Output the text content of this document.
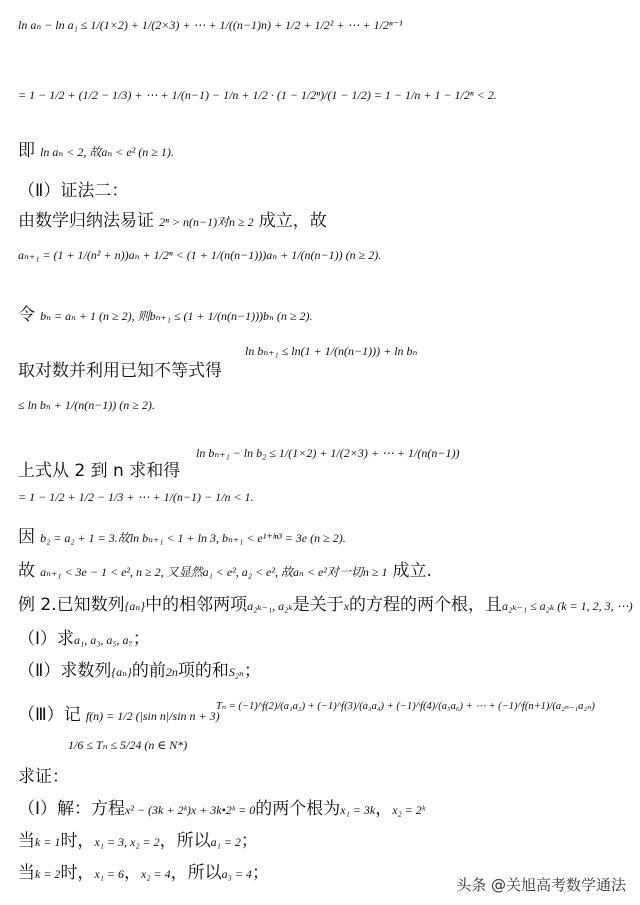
ln aₙ − ln a₁ ≤ 1/(1×2) + 1/(2×3) + ⋯ + 1/((n−1)n) + 1/2 + 1/2² + ⋯ + 1/2ⁿ⁻¹
= 1 − 1/2 + (1/2 − 1/3) + ⋯ + 1/(n−1) − 1/n + 1/2 · (1 − 1/2ⁿ)/(1 − 1/2) = 1 − 1/n + 1 − 1/2ⁿ < 2.
即 ln aₙ < 2, 故aₙ < e² (n ≥ 1).
（Ⅱ）证法二：
由数学归纳法易证 2ⁿ > n(n−1)对n ≥ 2 成立，故
aₙ₊₁ = (1 + 1/(n² + n))aₙ + 1/2ⁿ < (1 + 1/(n(n−1)))aₙ + 1/(n(n−1)) (n ≥ 2).
令 bₙ = aₙ + 1 (n ≥ 2), 则bₙ₊₁ ≤ (1 + 1/(n(n−1)))bₙ (n ≥ 2).
ln bₙ₊₁ ≤ ln(1 + 1/(n(n−1))) + ln bₙ
取对数并利用已知不等式得
≤ ln bₙ + 1/(n(n−1)) (n ≥ 2).
ln bₙ₊₁ − ln b₂ ≤ 1/(1×2) + 1/(2×3) + ⋯ + 1/(n(n−1))
上式从 2 到 n 求和得
= 1 − 1/2 + 1/2 − 1/3 + ⋯ + 1/(n−1) − 1/n < 1.
因 b₂ = a₂ + 1 = 3.故ln bₙ₊₁ < 1 + ln 3, bₙ₊₁ < e¹⁺ˡⁿ³ = 3e (n ≥ 2).
故 aₙ₊₁ < 3e − 1 < e², n ≥ 2, 又显然a₁ < e², a₂ < e², 故aₙ < e²对一切n ≥ 1 成立.
例 2.已知数列{aₙ}中的相邻两项a₂ₖ₋₁, a₂ₖ是关于x的方程的两个根，且a₂ₖ₋₁ ≤ a₂ₖ (k = 1, 2, 3, ⋯)
（Ⅰ）求a₁, a₃, a₅, a₇；
（Ⅱ）求数列{aₙ}的前2n项的和S₂ₙ；
（Ⅲ）记 f(n) = 1/2 (|sin n|/sin n + 3)
Tₙ = (−1)^f(2)/(a₁a₂) + (−1)^f(3)/(a₃a₄) + (−1)^f(4)/(a₅a₆) + ⋯ + (−1)^f(n+1)/(a₂ₙ₋₁a₂ₙ)
1/6 ≤ Tₙ ≤ 5/24 (n ∈ N*)
求证：
（Ⅰ）解：方程x² − (3k + 2ᵏ)x + 3k•2ᵏ = 0的两个根为x₁ = 3k，x₂ = 2ᵏ
当k = 1时，x₁ = 3, x₂ = 2，所以a₁ = 2；
当k = 2时，x₁ = 6，x₂ = 4，所以a₃ = 4；
头条 @关旭高考数学通法
